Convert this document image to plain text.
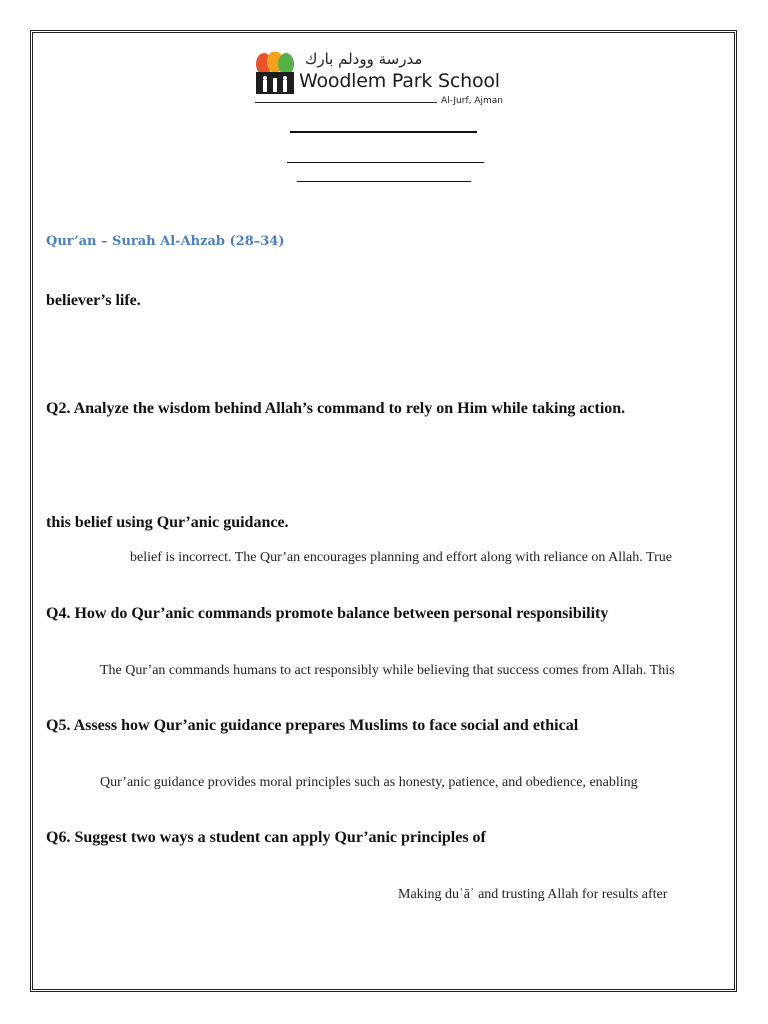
مدرسة وودلم بارك
Woodlem Park School
Al-Jurf, Ajman
Qur’an – Surah Al-Ahzab (28–34)
believer’s life.
Q2. Analyze the wisdom behind Allah’s command to rely on Him while taking action.
this belief using Qur’anic guidance.
belief is incorrect. The Qur’an encourages planning and effort along with reliance on Allah. True
Q4. How do Qur’anic commands promote balance between personal responsibility
The Qur’an commands humans to act responsibly while believing that success comes from Allah. This
Q5. Assess how Qur’anic guidance prepares Muslims to face social and ethical
Qur’anic guidance provides moral principles such as honesty, patience, and obedience, enabling
Q6. Suggest two ways a student can apply Qur’anic principles of
Making duʿāʾ and trusting Allah for results after
